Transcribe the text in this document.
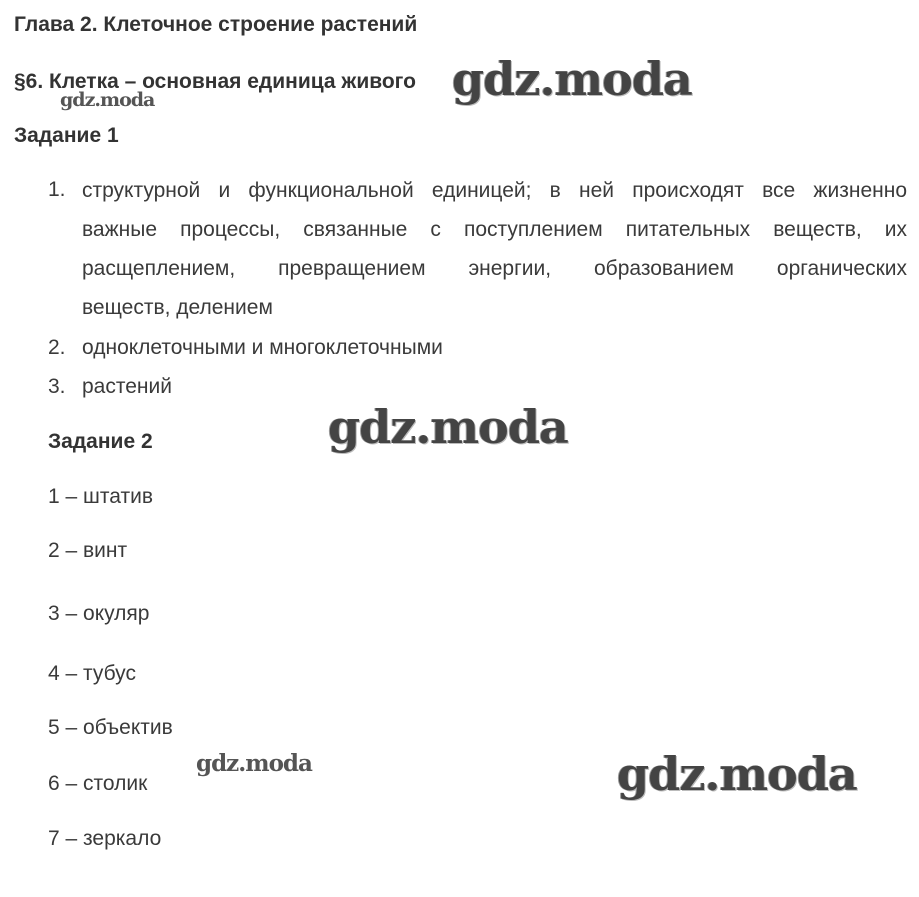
Глава 2. Клеточное строение растений
§6. Клетка – основная единица живого
Задание 1
1. структурной и функциональной единицей; в ней происходят все жизненно
важные процессы, связанные с поступлением питательных веществ, их
расщеплением, превращением энергии, образованием органических
веществ, делением
2. одноклеточными и многоклеточными
3. растений
Задание 2
1 – штатив
2 – винт
3 – окуляр
4 – тубус
5 – объектив
6 – столик
7 – зеркало
gdz.moda
gdz.moda
gdz.moda
gdz.moda	gdz.moda
